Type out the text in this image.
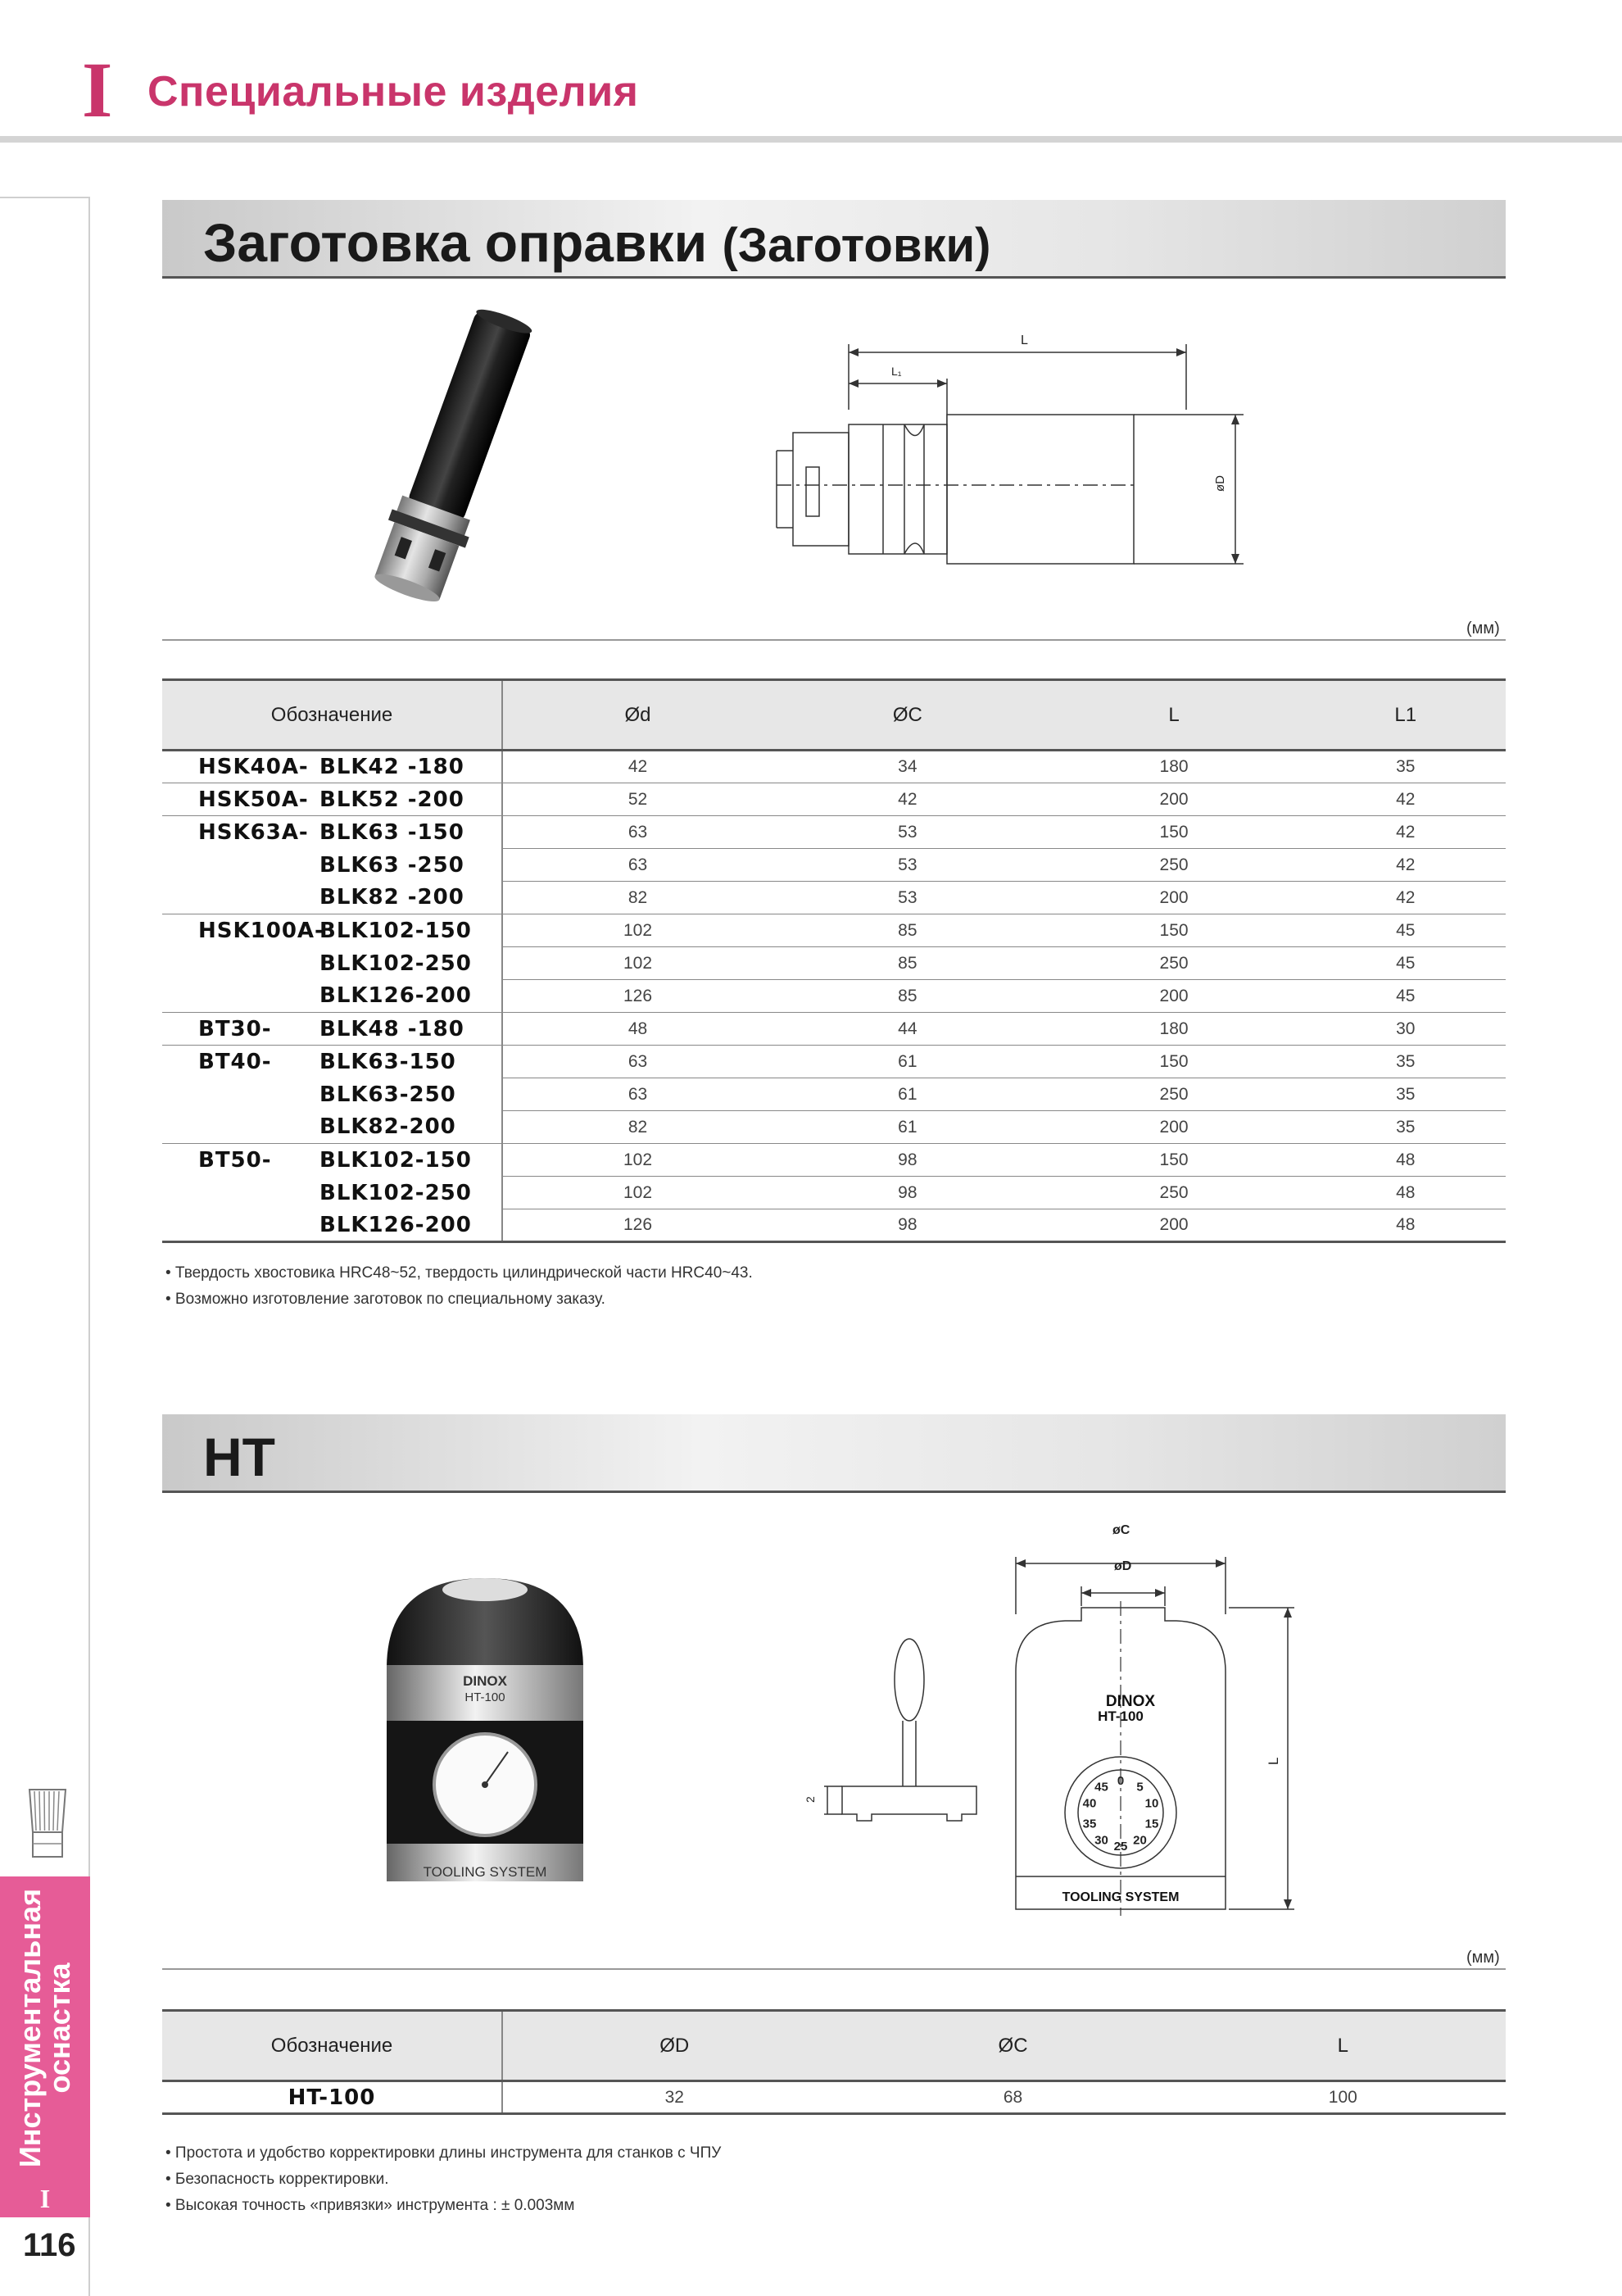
I Специальные изделия
Инструментальная
оснастка
I
116
Заготовка оправки (Заготовки)
L
L₁
øD
(мм)
Обозначение	Ød	ØC	L	L1
HSK40A- BLK42 -180	42	34	180	35
HSK50A- BLK52 -200	52	42	200	42
HSK63A- BLK63 -150	63	53	150	42
BLK63 -250	63	53	250	42
BLK82 -200	82	53	200	42
HSK100A-BLK102-150	102	85	150	45
BLK102-250	102	85	250	45
BLK126-200	126	85	200	45
BT30- BLK48 -180	48	44	180	30
BT40- BLK63-150	63	61	150	35
BLK63-250	63	61	250	35
BLK82-200	82	61	200	35
BT50- BLK102-150	102	98	150	48
BLK102-250	102	98	250	48
BLK126-200	126	98	200	48
• Твердость хвостовика HRC48~52, твердость цилиндрической части HRC40~43.
• Возможно изготовление заготовок по специальному заказу.
HT
DINOX
HT-100
TOOLING SYSTEM
øC
øD
L
2
DINOX
HT-100
TOOLING SYSTEM
0 5
10
15
20
25
30
35
40
45
(мм)
Обозначение	ØD	ØC	L
HT-100	32	68	100
• Простота и удобство корректировки длины инструмента для станков с ЧПУ
• Безопасность корректировки.
• Высокая точность «привязки» инструмента : ± 0.003мм
